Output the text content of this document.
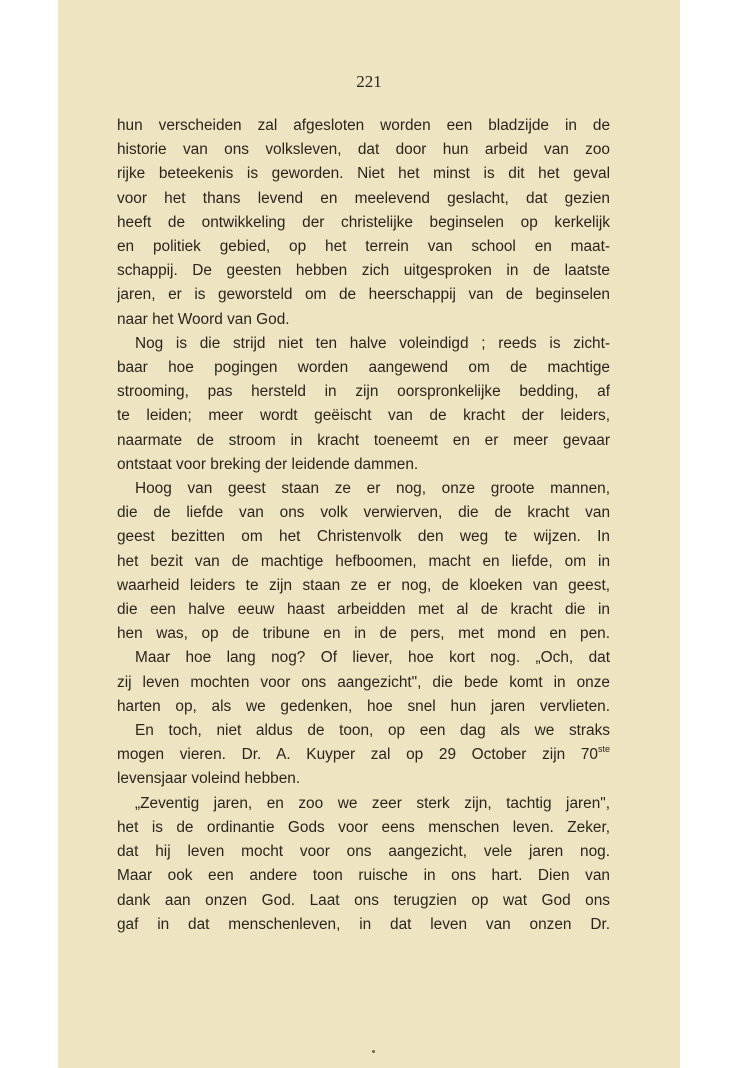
221
hun verscheiden zal afgesloten worden een bladzijde in de
historie van ons volksleven, dat door hun arbeid van zoo
rijke beteekenis is geworden. Niet het minst is dit het geval
voor het thans levend en meelevend geslacht, dat gezien
heeft de ontwikkeling der christelijke beginselen op kerkelijk
en politiek gebied, op het terrein van school en maat-
schappij. De geesten hebben zich uitgesproken in de laatste
jaren, er is geworsteld om de heerschappij van de beginselen
naar het Woord van God.
Nog is die strijd niet ten halve voleindigd ; reeds is zicht-
baar hoe pogingen worden aangewend om de machtige
strooming, pas hersteld in zijn oorspronkelijke bedding, af
te leiden; meer wordt geëischt van de kracht der leiders,
naarmate de stroom in kracht toeneemt en er meer gevaar
ontstaat voor breking der leidende dammen.
Hoog van geest staan ze er nog, onze groote mannen,
die de liefde van ons volk verwierven, die de kracht van
geest bezitten om het Christenvolk den weg te wijzen. In
het bezit van de machtige hefboomen, macht en liefde, om in
waarheid leiders te zijn staan ze er nog, de kloeken van geest,
die een halve eeuw haast arbeidden met al de kracht die in
hen was, op de tribune en in de pers, met mond en pen.
Maar hoe lang nog? Of liever, hoe kort nog. „Och, dat
zij leven mochten voor ons aangezicht", die bede komt in onze
harten op, als we gedenken, hoe snel hun jaren vervlieten.
En toch, niet aldus de toon, op een dag als we straks
mogen vieren. Dr. A. Kuyper zal op 29 October zijn 70ste
levensjaar voleind hebben.
„Zeventig jaren, en zoo we zeer sterk zijn, tachtig jaren",
het is de ordinantie Gods voor eens menschen leven. Zeker,
dat hij leven mocht voor ons aangezicht, vele jaren nog.
Maar ook een andere toon ruische in ons hart. Dien van
dank aan onzen God. Laat ons terugzien op wat God ons
gaf in dat menschenleven, in dat leven van onzen Dr.
